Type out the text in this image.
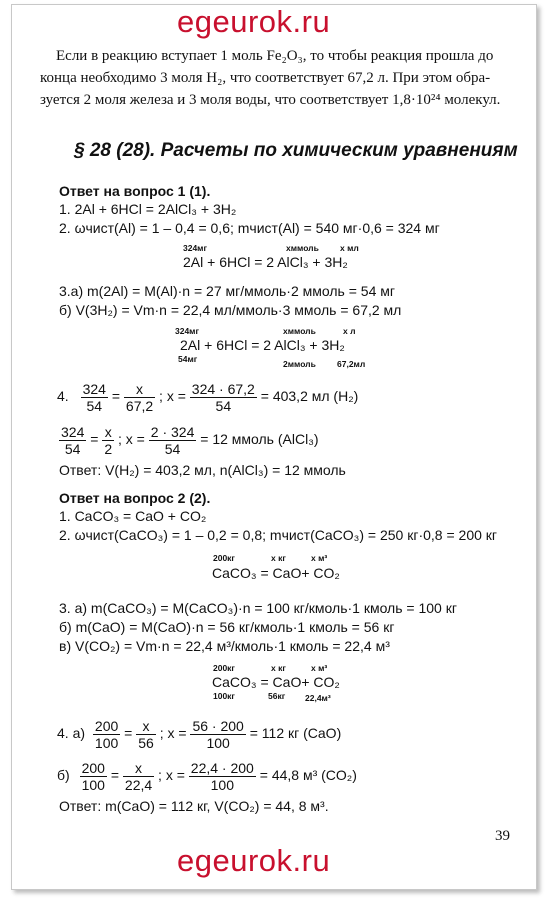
egeurok.ru
Если в реакцию вступает 1 моль Fe₂O₃, то чтобы реакция прошла до
конца необходимо 3 моля H₂, что соответствует 67,2 л. При этом обра-
зуется 2 моля железа и 3 моля воды, что соответствует 1,8·10²⁴ молекул.
§ 28 (28). Расчеты по химическим уравнениям
Ответ на вопрос 1 (1).
1. 2Al + 6HCl = 2AlCl₃ + 3H₂
2. ωчист(Al) = 1 – 0,4 = 0,6; mчист(Al) = 540 мг·0,6 = 324 мг
324мг	хммоль х мл
2Al + 6HCl = 2 AlCl₃ + 3H₂
3.а) m(2Al) = M(Al)·n = 27 мг/ммоль·2 ммоль = 54 мг
б) V(3H₂) = Vm·n = 22,4 мл/ммоль·3 ммоль = 67,2 мл
324мг	хммоль	х л
2Al + 6HCl = 2 AlCl₃ + 3H₂
54мг	2ммоль 67,2мл
4. $\frac{324}{54} = х$
67,2
; $х = \frac{324 \cdot 67,2}{54} = 403,2$ мл (H₂)
$\frac{324}{54} = х$
2
; $х = \frac{2 \cdot 324}{54} = 12$ ммоль (AlCl₃)
Ответ: V(H₂) = 403,2 мл, n(AlCl₃) = 12 ммоль
Ответ на вопрос 2 (2).
1. CaCO₃ = CaO + CO₂
2. ωчист(CaCO₃) = 1 – 0,2 = 0,8; mчист(CaCO₃) = 250 кг·0,8 = 200 кг
200кг	х кг	х м³
CaCO₃ = CaO+ CO₂
3. а) m(CaCO₃) = M(CaCO₃)·n = 100 кг/кмоль·1 кмоль = 100 кг
б) m(CaO) = M(CaO)·n = 56 кг/кмоль·1 кмоль = 56 кг
в) V(CO₂) = Vm·n = 22,4 м³/кмоль·1 кмоль = 22,4 м³
200кг	х кг	х м³
CaCO₃ = CaO+ CO₂
100кг	56кг 22,4м³
4. $а) \frac{200}{100} = х$
56
; $х = \frac{56 \cdot 200}{100} = 112$ кг (CaO)
$б) \frac{200}{100} = х$
22,4
; $х = \frac{22,4 \cdot 200}{100} = 44,8$ м³ (CO₂)
Ответ: m(CaO) = 112 кг, V(CO₂) = 44, 8 м³.
39
egeurok.ru
